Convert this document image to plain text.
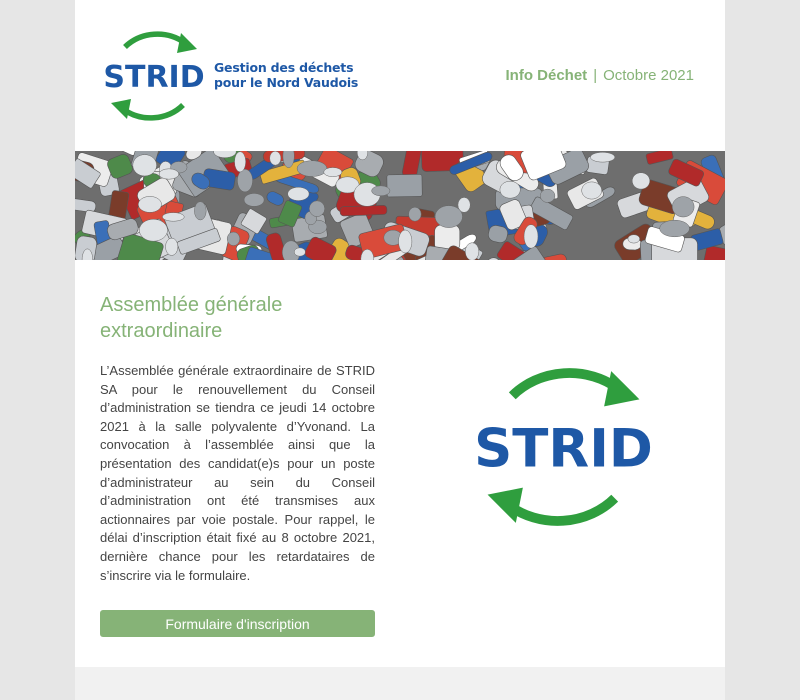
STRID Gestion des déchets
pour le Nord Vaudois	Info Déchet | Octobre 2021
Assemblée générale extraordinaire

L’Assemblée générale extraordinaire de STRID SA pour le renouvellement du Conseil d’administration se tiendra ce jeudi 14 octobre 2021 à la salle polyvalente d’Yvonand. La convocation à l’assemblée ainsi que la présentation des candidat(e)s pour un poste d’administrateur au sein du Conseil d’administration ont été transmises aux actionnaires par voie postale. Pour rappel, le délai d’inscription était fixé au 8 octobre 2021, dernière chance pour les retardataires de s’inscrire via le formulaire.

Formulaire d'inscription
STRID
